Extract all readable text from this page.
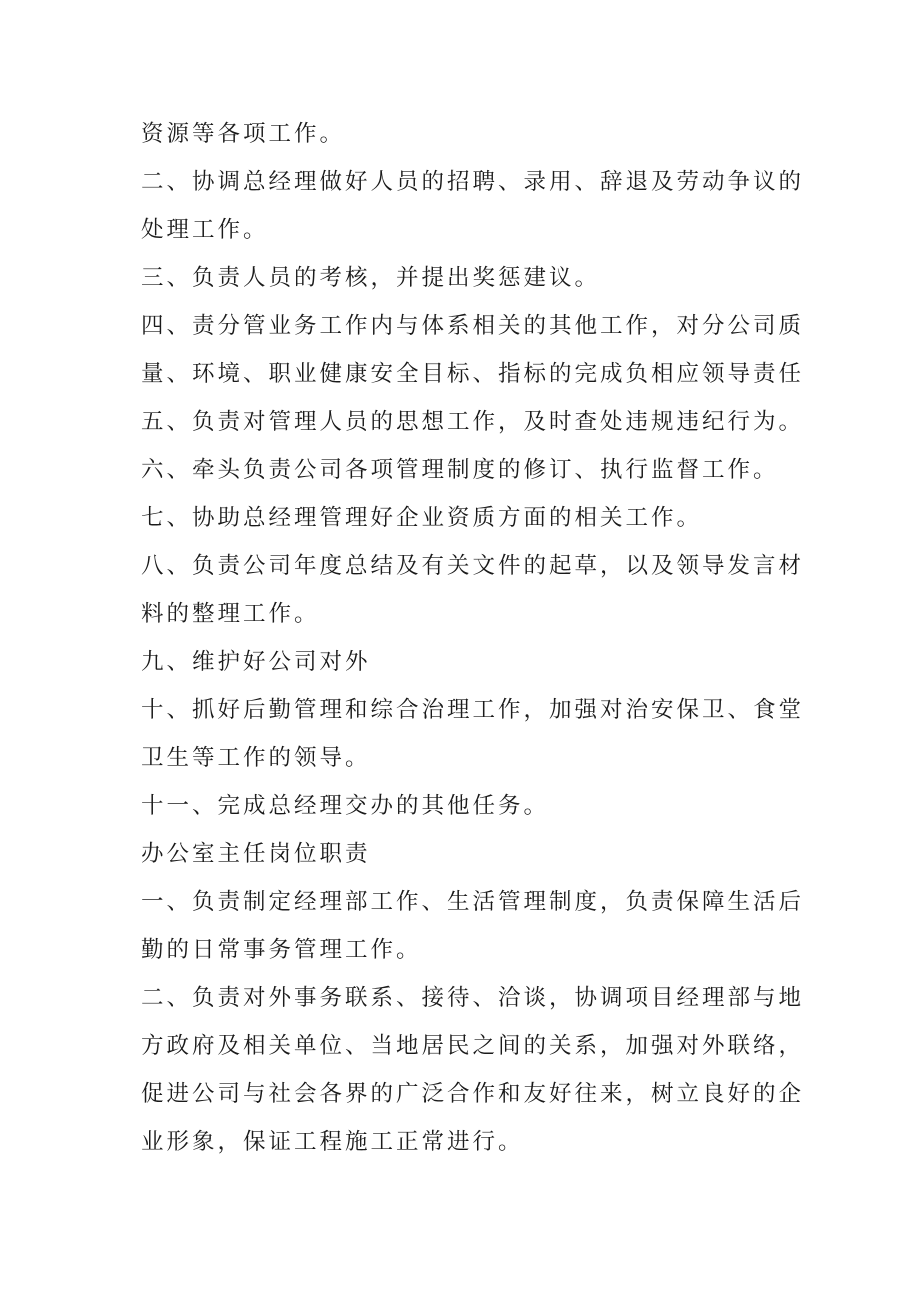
资源等各项工作。

二、协调总经理做好人员的招聘、录用、辞退及劳动争议的

处理工作。

三、负责人员的考核，并提出奖惩建议。

四、责分管业务工作内与体系相关的其他工作，对分公司质

量、环境、职业健康安全目标、指标的完成负相应领导责任

五、负责对管理人员的思想工作，及时查处违规违纪行为。

六、牵头负责公司各项管理制度的修订、执行监督工作。

七、协助总经理管理好企业资质方面的相关工作。

八、负责公司年度总结及有关文件的起草，以及领导发言材

料的整理工作。

九、维护好公司对外

十、抓好后勤管理和综合治理工作，加强对治安保卫、食堂

卫生等工作的领导。

十一、完成总经理交办的其他任务。

办公室主任岗位职责

一、负责制定经理部工作、生活管理制度，负责保障生活后

勤的日常事务管理工作。

二、负责对外事务联系、接待、洽谈，协调项目经理部与地

方政府及相关单位、当地居民之间的关系，加强对外联络，

促进公司与社会各界的广泛合作和友好往来，树立良好的企

业形象，保证工程施工正常进行。
